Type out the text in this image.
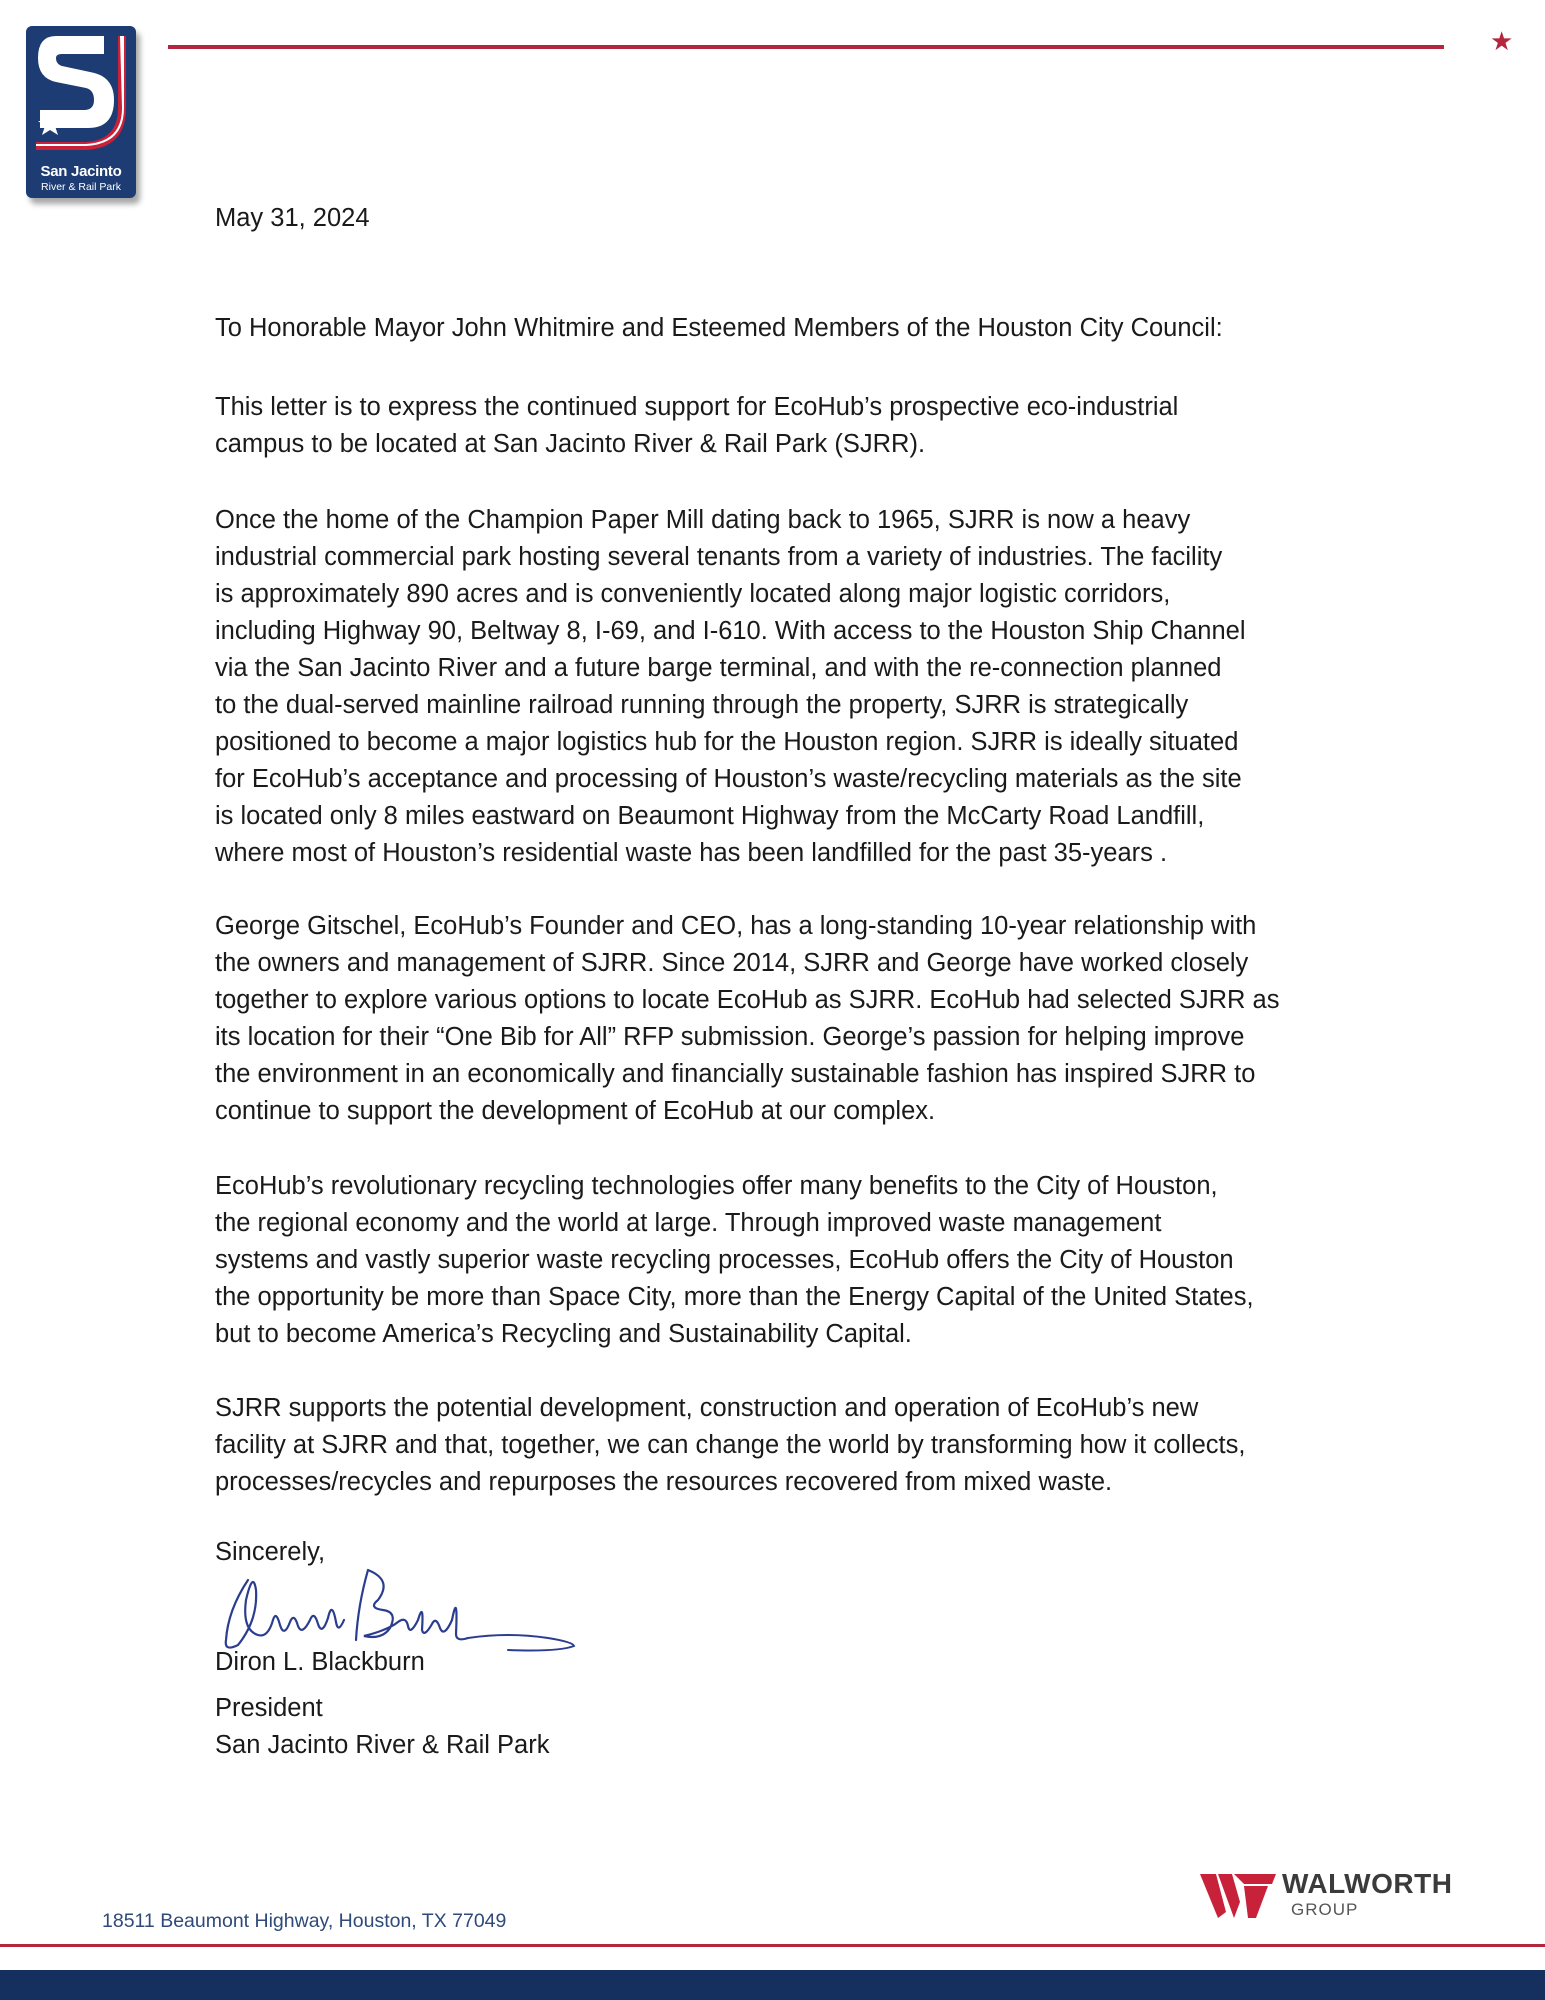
San Jacinto
River & Rail Park
★
May 31, 2024
To Honorable Mayor John Whitmire and Esteemed Members of the Houston City Council:

This letter is to express the continued support for EcoHub’s prospective eco-industrial
campus to be located at San Jacinto River & Rail Park (SJRR).

Once the home of the Champion Paper Mill dating back to 1965, SJRR is now a heavy
industrial commercial park hosting several tenants from a variety of industries. The facility
is approximately 890 acres and is conveniently located along major logistic corridors,
including Highway 90, Beltway 8, I-69, and I-610. With access to the Houston Ship Channel
via the San Jacinto River and a future barge terminal, and with the re-connection planned
to the dual-served mainline railroad running through the property, SJRR is strategically
positioned to become a major logistics hub for the Houston region. SJRR is ideally situated
for EcoHub’s acceptance and processing of Houston’s waste/recycling materials as the site
is located only 8 miles eastward on Beaumont Highway from the McCarty Road Landfill,
where most of Houston’s residential waste has been landfilled for the past 35-years .

George Gitschel, EcoHub’s Founder and CEO, has a long-standing 10-year relationship with
the owners and management of SJRR. Since 2014, SJRR and George have worked closely
together to explore various options to locate EcoHub as SJRR. EcoHub had selected SJRR as
its location for their “One Bib for All” RFP submission. George’s passion for helping improve
the environment in an economically and financially sustainable fashion has inspired SJRR to
continue to support the development of EcoHub at our complex.

EcoHub’s revolutionary recycling technologies offer many benefits to the City of Houston,
the regional economy and the world at large. Through improved waste management
systems and vastly superior waste recycling processes, EcoHub offers the City of Houston
the opportunity be more than Space City, more than the Energy Capital of the United States,
but to become America’s Recycling and Sustainability Capital.

SJRR supports the potential development, construction and operation of EcoHub’s new
facility at SJRR and that, together, we can change the world by transforming how it collects,
processes/recycles and repurposes the resources recovered from mixed waste.

Sincerely,
Diron L. Blackburn
President
San Jacinto River & Rail Park
18511 Beaumont Highway, Houston, TX 77049
WALWORTH
GROUP
